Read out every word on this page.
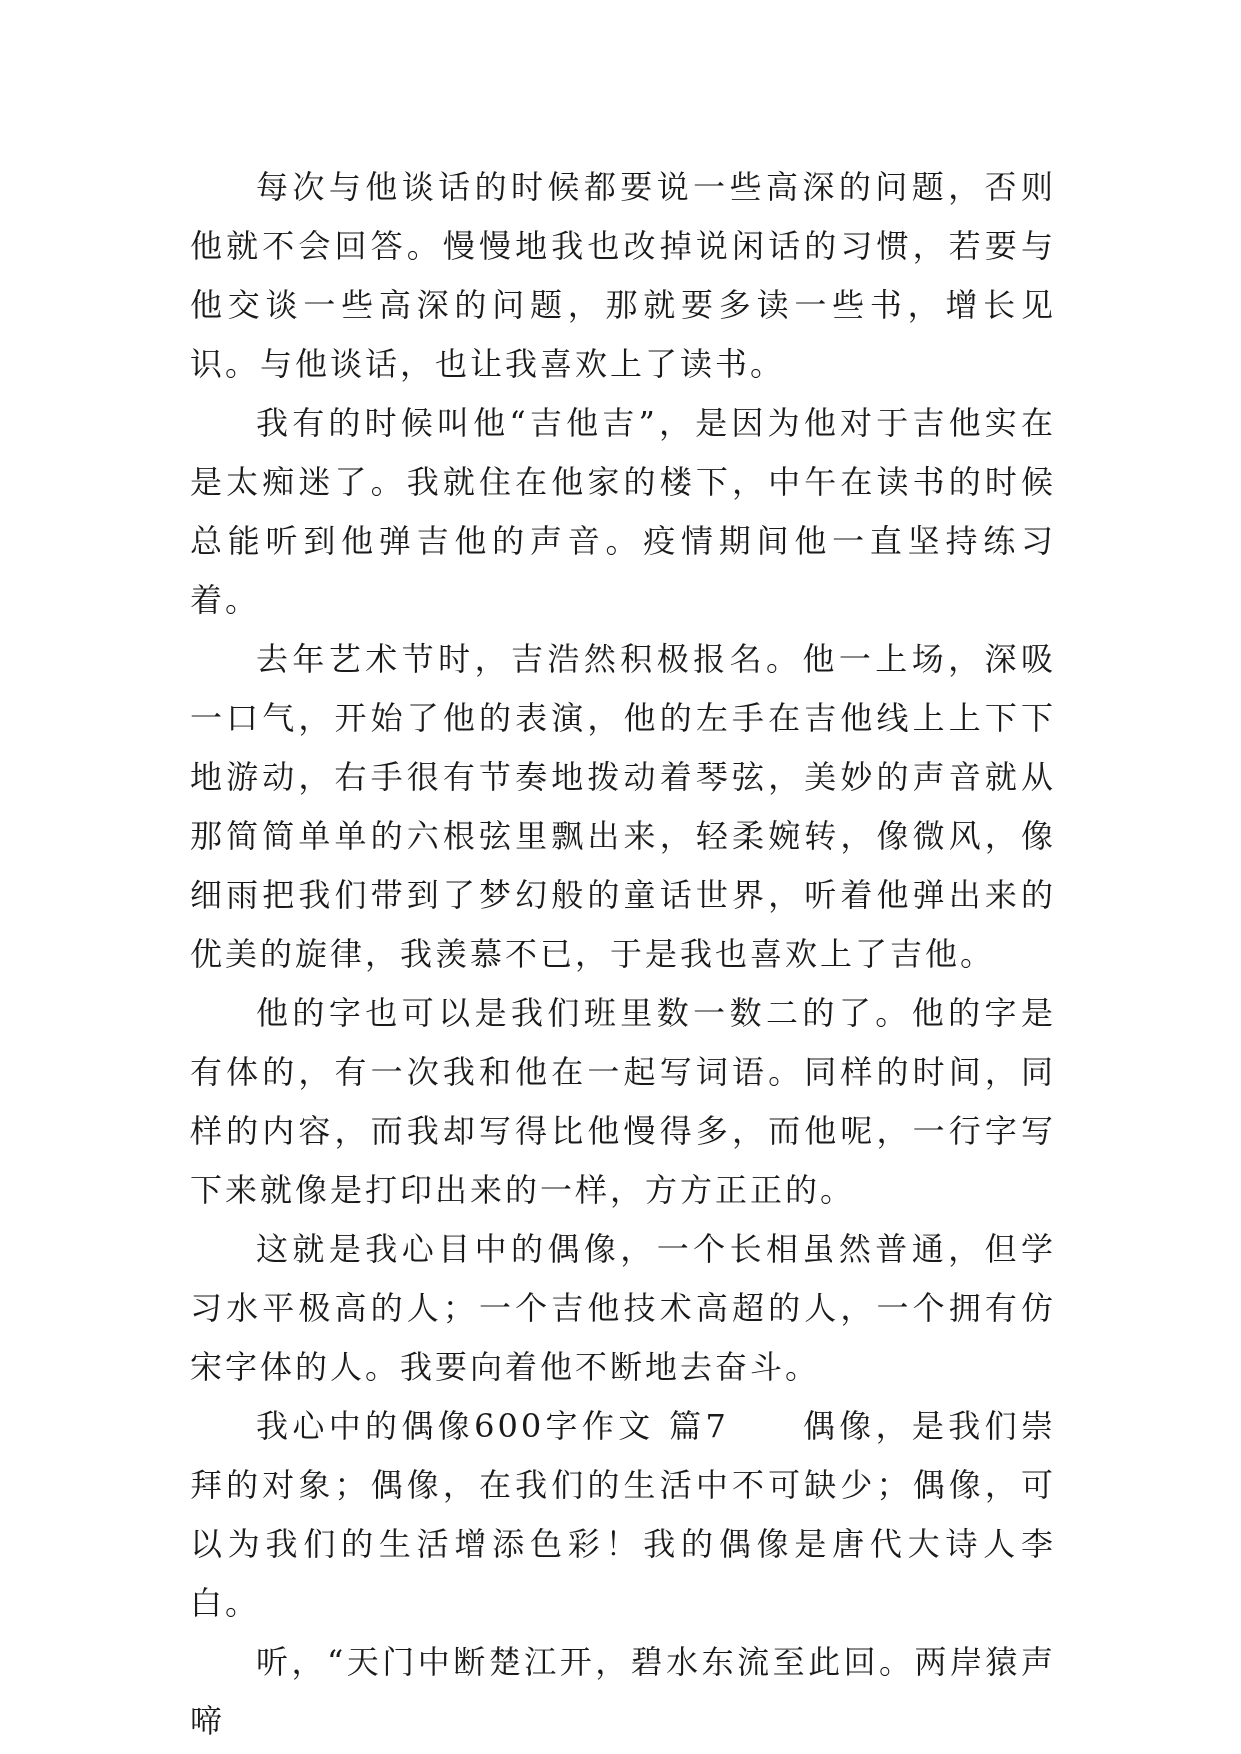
每次与他谈话的时候都要说一些高深的问题，否则他就不会回答。慢慢地我也改掉说闲话的习惯，若要与他交谈一些高深的问题，那就要多读一些书，增长见识。与他谈话，也让我喜欢上了读书。

我有的时候叫他“吉他吉”，是因为他对于吉他实在是太痴迷了。我就住在他家的楼下，中午在读书的时候总能听到他弹吉他的声音。疫情期间他一直坚持练习着。

去年艺术节时，吉浩然积极报名。他一上场，深吸一口气，开始了他的表演，他的左手在吉他线上上下下地游动，右手很有节奏地拨动着琴弦，美妙的声音就从那简简单单的六根弦里飘出来，轻柔婉转，像微风，像细雨把我们带到了梦幻般的童话世界，听着他弹出来的优美的旋律，我羡慕不已，于是我也喜欢上了吉他。

他的字也可以是我们班里数一数二的了。他的字是有体的，有一次我和他在一起写词语。同样的时间，同样的内容，而我却写得比他慢得多，而他呢，一行字写下来就像是打印出来的一样，方方正正的。

这就是我心目中的偶像，一个长相虽然普通，但学习水平极高的人；一个吉他技术高超的人，一个拥有仿宋字体的人。我要向着他不断地去奋斗。

我心中的偶像600字作文 篇7　　偶像，是我们崇拜的对象；偶像，在我们的生活中不可缺少；偶像，可以为我们的生活增添色彩！我的偶像是唐代大诗人李白。

听，“天门中断楚江开，碧水东流至此回。两岸猿声啼
